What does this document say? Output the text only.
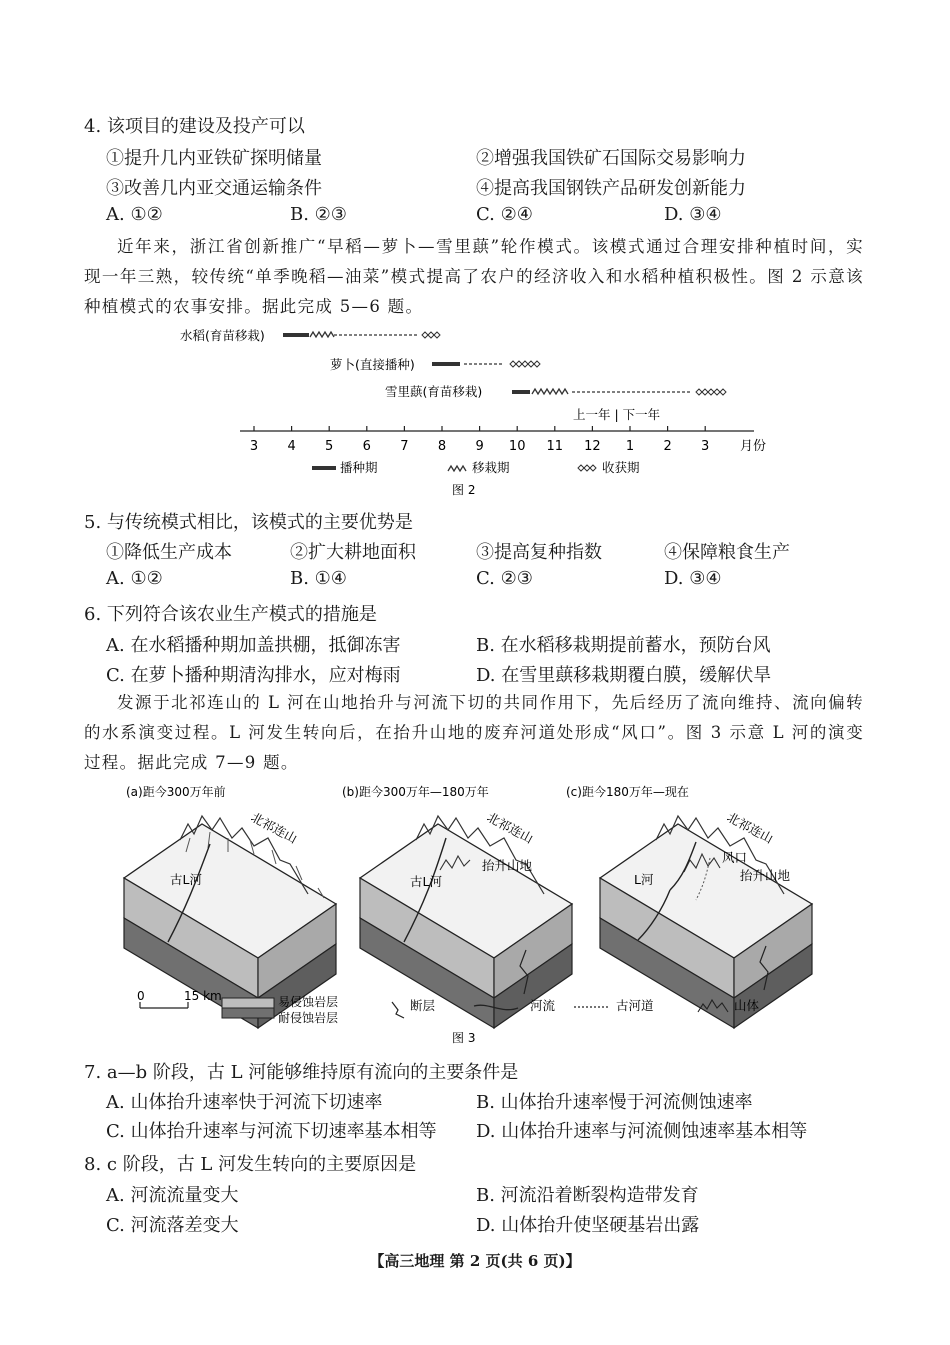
4. 该项目的建设及投产可以
①提升几内亚铁矿探明储量	②增强我国铁矿石国际交易影响力
③改善几内亚交通运输条件	④提高我国钢铁产品研发创新能力
A. ①②	B. ②③	C. ②④	D. ③④
近年来，浙江省创新推广“早稻—萝卜—雪里蕻”轮作模式。该模式通过合理安排种植时间，实现一年三熟，较传统“单季晚稻—油菜”模式提高了农户的经济收入和水稻种植积极性。图 2 示意该种植模式的农事安排。据此完成 5—6 题。
水稻(育苗移栽)
萝卜(直接播种)
雪里蕻(育苗移栽)
上一年 | 下一年
3 4 5 6 7 8 9 10 11 12 1 2 3 月份
播种期	移栽期	收获期
图 2
5. 与传统模式相比，该模式的主要优势是
①降低生产成本	②扩大耕地面积	③提高复种指数	④保障粮食生产
A. ①②	B. ①④	C. ②③	D. ③④
6. 下列符合该农业生产模式的措施是
A. 在水稻播种期加盖拱棚，抵御冻害	B. 在水稻移栽期提前蓄水，预防台风
C. 在萝卜播种期清沟排水，应对梅雨	D. 在雪里蕻移栽期覆白膜，缓解伏旱
发源于北祁连山的 L 河在山地抬升与河流下切的共同作用下，先后经历了流向维持、流向偏转的水系演变过程。L 河发生转向后，在抬升山地的废弃河道处形成“风口”。图 3 示意 L 河的演变过程。据此完成 7—9 题。
(a)距今300万年前	(b)距今300万年—180万年	(c)距今180万年—现在
北祁连山
古L河
北祁连山
古L河
抬升山地
北祁连山
L河
风口
抬升山地
0	15 km	易侵蚀岩层
耐侵蚀岩层
断层	河流	古河道	山体
图 3
7. a—b 阶段，古 L 河能够维持原有流向的主要条件是
A. 山体抬升速率快于河流下切速率	B. 山体抬升速率慢于河流侧蚀速率
C. 山体抬升速率与河流下切速率基本相等 D. 山体抬升速率与河流侧蚀速率基本相等
8. c 阶段，古 L 河发生转向的主要原因是
A. 河流流量变大	B. 河流沿着断裂构造带发育
C. 河流落差变大	D. 山体抬升使坚硬基岩出露
【高三地理 第 2 页(共 6 页)】
